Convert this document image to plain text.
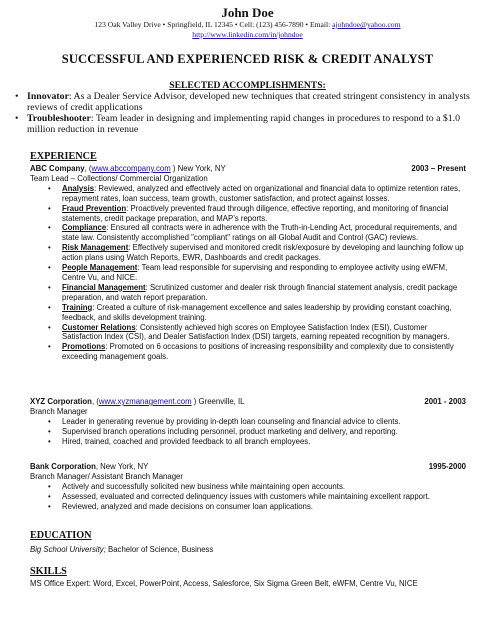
John Doe
123 Oak Valley Drive • Springfield, IL 12345 • Cell: (123) 456-7890 • Email: ajohndoe@yahoo.com
http://www.linkedin.com/in/johndoe
SUCCESSFUL AND EXPERIENCED RISK & CREDIT ANALYST
SELECTED ACCOMPLISHMENTS:
• Innovator: As a Dealer Service Advisor, developed new techniques that created stringent consistency in analysts reviews of credit applications
• Troubleshooter: Team leader in designing and implementing rapid changes in procedures to respond to a $1.0 million reduction in revenue
EXPERIENCE
ABC Company, (www.abccompany.com ) New York, NY	2003 – Present
Team Lead – Collections/ Commercial Organization
• Analysis: Reviewed, analyzed and effectively acted on organizational and financial data to optimize retention rates, repayment rates, loan success, team growth, customer satisfaction, and protect against losses.
• Fraud Prevention: Proactively prevented fraud through diligence, effective reporting, and monitoring of financial statements, credit package preparation, and MAP’s reports.
• Compliance: Ensured all contracts were in adherence with the Truth-in-Lending Act, procedural requirements, and state law. Consistently accomplished "compliant" ratings on all Global Audit and Control (GAC) reviews.
• Risk Management: Effectively supervised and monitored credit risk/exposure by developing and launching follow up action plans using Watch Reports, EWR, Dashboards and credit packages.
• People Management: Team lead responsible for supervising and responding to employee activity using eWFM, Centre Vu, and NICE.
• Financial Management: Scrutinized customer and dealer risk through financial statement analysis, credit package preparation, and watch report preparation.
• Training: Created a culture of risk-management excellence and sales leadership by providing constant coaching, feedback, and skills development training.
• Customer Relations: Consistently achieved high scores on Employee Satisfaction Index (ESI), Customer Satisfaction Index (CSI), and Dealer Satisfaction Index (DSI) targets, earning repeated recognition by managers.
• Promotions: Promoted on 6 occasions to positions of increasing responsibility and complexity due to consistently exceeding management goals.
XYZ Corporation, (www.xyzmanagement.com ) Greenville, IL	2001 - 2003
Branch Manager
• Leader in generating revenue by providing in-depth loan counseling and financial advice to clients.
• Supervised branch operations including personnel, product marketing and delivery, and reporting.
• Hired, trained, coached and provided feedback to all branch employees.
Bank Corporation, New York, NY	1995-2000
Branch Manager/ Assistant Branch Manager
• Actively and successfully solicited new business while maintaining open accounts.
• Assessed, evaluated and corrected delinquency issues with customers while maintaining excellent rapport.
• Reviewed, analyzed and made decisions on consumer loan applications.
EDUCATION
Big School University; Bachelor of Science, Business
SKILLS
MS Office Expert: Word, Excel, PowerPoint, Access, Salesforce, Six Sigma Green Belt, eWFM, Centre Vu, NICE
